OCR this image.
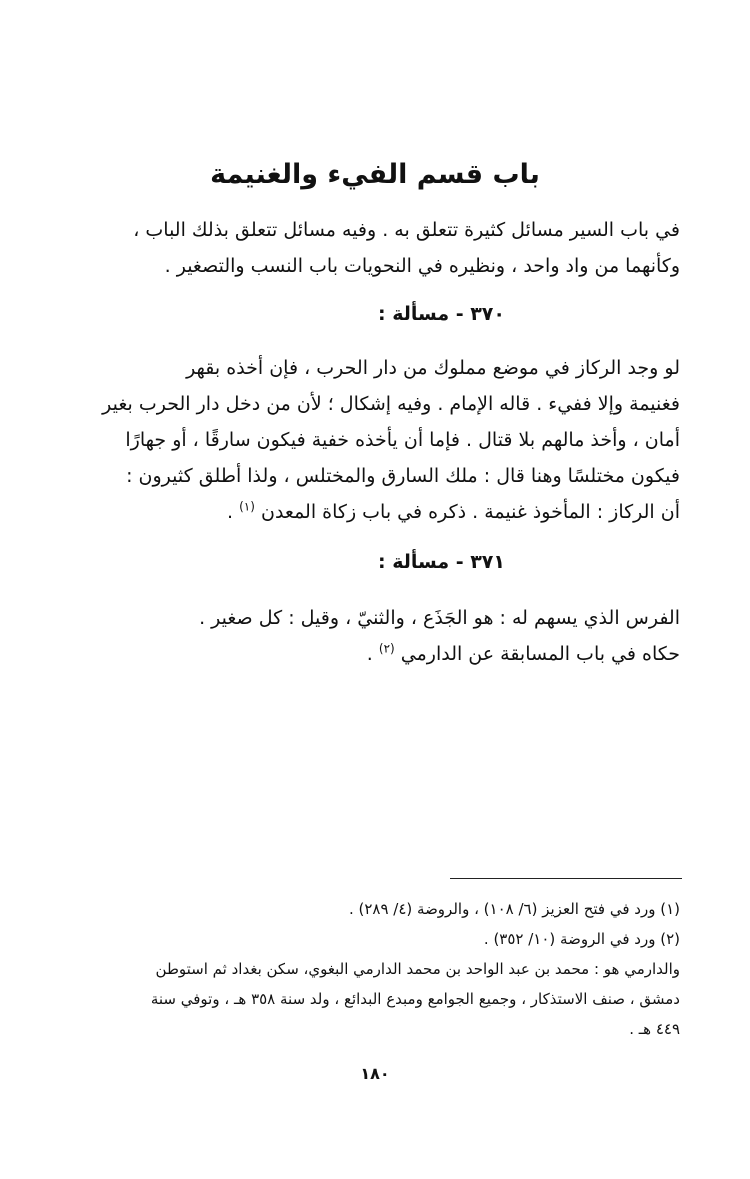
باب قسم الفيء والغنيمة
في باب السير مسائل كثيرة تتعلق به . وفيه مسائل تتعلق بذلك الباب ،
وكأنهما من واد واحد ، ونظيره في النحويات باب النسب والتصغير .
٣٧٠ - مسألة :
لو وجد الركاز في موضع مملوك من دار الحرب ، فإن أخذه بقهر
فغنيمة وإلا ففيء . قاله الإمام . وفيه إشكال ؛ لأن من دخل دار الحرب بغير
أمان ، وأخذ مالهم بلا قتال . فإما أن يأخذه خفية فيكون سارقًا ، أو جهارًا
فيكون مختلسًا وهنا قال : ملك السارق والمختلس ، ولذا أطلق كثيرون :
أن الركاز : المأخوذ غنيمة . ذكره في باب زكاة المعدن $^{(١)}$ .
٣٧١ - مسألة :
الفرس الذي يسهم له : هو الجَذَع ، والثنيّ ، وقيل : كل صغير .
حكاه في باب المسابقة عن الدارمي $^{(٢)}$ .
(١) ورد في فتح العزيز (٦/ ١٠٨) ، والروضة (٤/ ٢٨٩) .
(٢) ورد في الروضة (١٠/ ٣٥٢) .
والدارمي هو : محمد بن عبد الواحد بن محمد الدارمي البغوي، سكن بغداد ثم استوطن
دمشق ، صنف الاستذكار ، وجميع الجوامع ومبدع البدائع ، ولد سنة ٣٥٨ هـ ، وتوفي سنة
٤٤٩ هـ .
١٨٠
